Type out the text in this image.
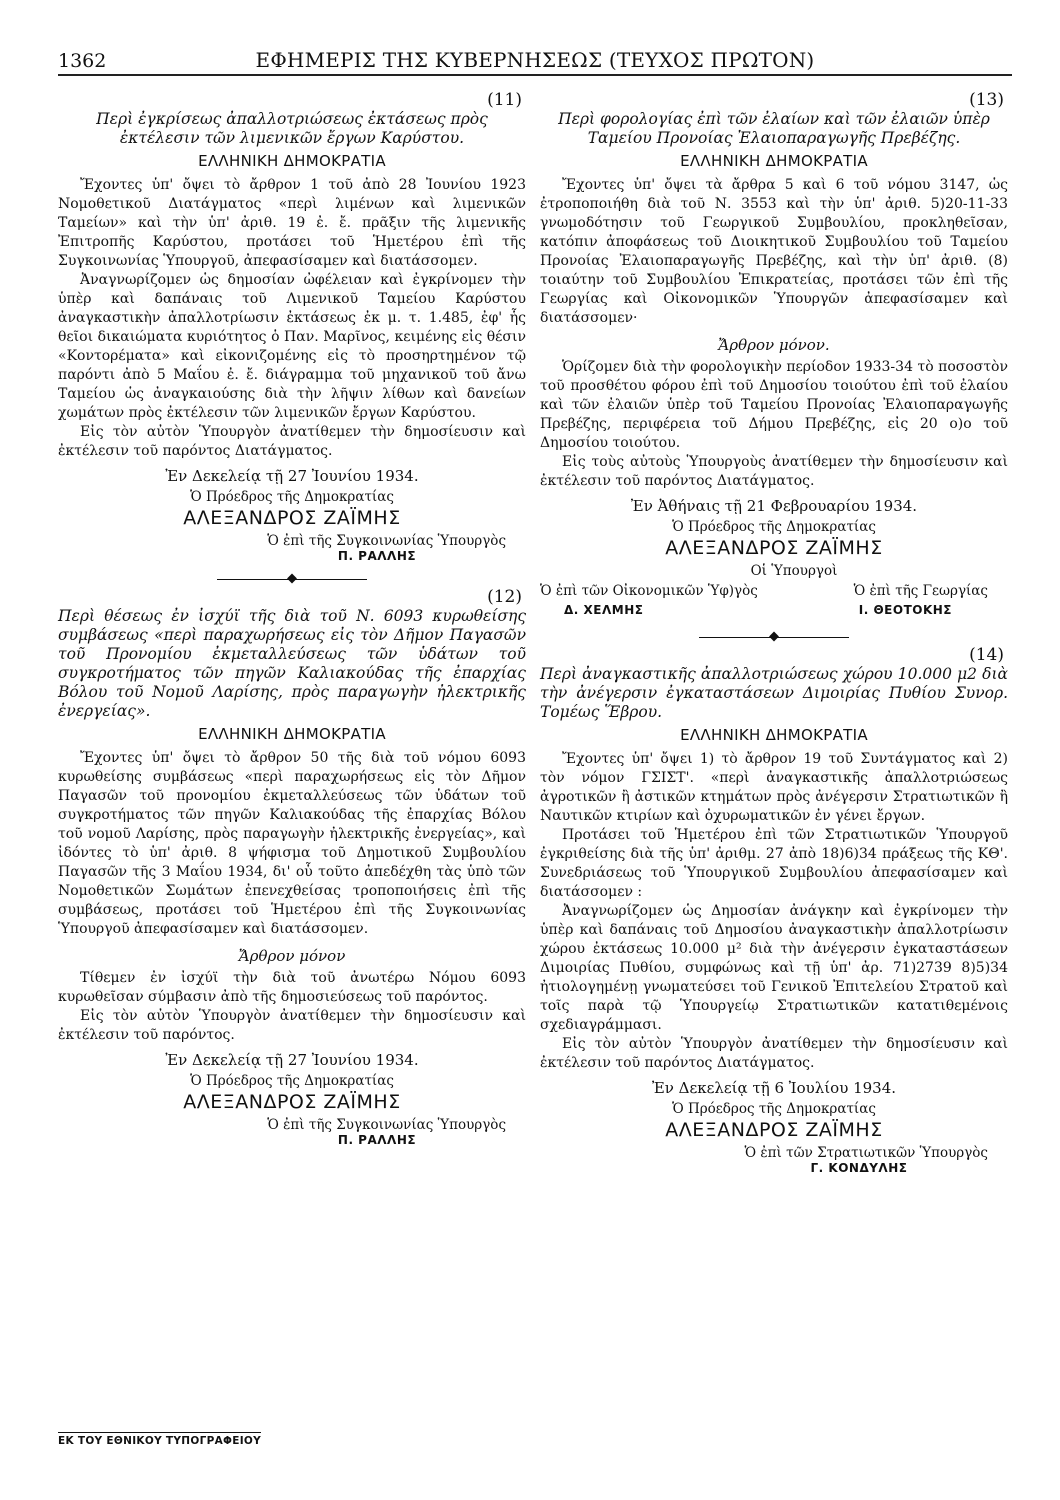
1362	ΕΦΗΜΕΡΙΣ ΤΗΣ ΚΥΒΕΡΝΗΣΕΩΣ (ΤΕΥΧΟΣ ΠΡΩΤΟΝ)
(11)

Περὶ ἐγκρίσεως ἀπαλλοτριώσεως ἐκτάσεως πρὸς ἐκτέλεσιν τῶν λιμενικῶν ἔργων Καρύστου.

ΕΛΛΗΝΙΚΗ ΔΗΜΟΚΡΑΤΙΑ

Ἔχοντες ὑπ' ὄψει τὸ ἄρθρον 1 τοῦ ἀπὸ 28 Ἰουνίου 1923 Νομοθετικοῦ Διατάγματος «περὶ λιμένων καὶ λιμενικῶν Ταμείων» καὶ τὴν ὑπ' ἀριθ. 19 ἐ. ἔ. πρᾶξιν τῆς λιμενικῆς Ἐπιτροπῆς Καρύστου, προτάσει τοῦ Ἡμετέρου ἐπὶ τῆς Συγκοινωνίας Ὑπουργοῦ, ἀπεφασίσαμεν καὶ διατάσσομεν.

Ἀναγνωρίζομεν ὡς δημοσίαν ὠφέλειαν καὶ ἐγκρίνομεν τὴν ὑπὲρ καὶ δαπάναις τοῦ Λιμενικοῦ Ταμείου Καρύστου ἀναγκαστικὴν ἀπαλλοτρίωσιν ἐκτάσεως ἐκ μ. τ. 1.485, ἐφ' ἧς θεῖοι δικαιώματα κυριότητος ὁ Παν. Μαρῖνος, κειμένης εἰς θέσιν «Κοντορέματα» καὶ εἰκονιζομένης εἰς τὸ προσηρτημένον τῷ παρόντι ἀπὸ 5 Μαΐου ἐ. ἔ. διάγραμμα τοῦ μηχανικοῦ τοῦ ἄνω Ταμείου ὡς ἀναγκαιούσης διὰ τὴν λῆψιν λίθων καὶ δανείων χωμάτων πρὸς ἐκτέλεσιν τῶν λιμενικῶν ἔργων Καρύστου.

Εἰς τὸν αὐτὸν Ὑπουργὸν ἀνατίθεμεν τὴν δημοσίευσιν καὶ ἐκτέλεσιν τοῦ παρόντος Διατάγματος.

Ἐν Δεκελείᾳ τῇ 27 Ἰουνίου 1934.
Ὁ Πρόεδρος τῆς Δημοκρατίας
ΑΛΕΞΑΝΔΡΟΣ ΖΑΪΜΗΣ

Ὁ ἐπὶ τῆς Συγκοινωνίας Ὑπουργὸς

Π. ΡΑΛΛΗΣ

(12)

Περὶ θέσεως ἐν ἰσχύϊ τῆς διὰ τοῦ Ν. 6093 κυρωθείσης συμβάσεως «περὶ παραχωρήσεως εἰς τὸν Δῆμον Παγασῶν τοῦ Προνομίου ἐκμεταλλεύσεως τῶν ὑδάτων τοῦ συγκροτήματος τῶν πηγῶν Καλιακούδας τῆς ἐπαρχίας Βόλου τοῦ Νομοῦ Λαρίσης, πρὸς παραγωγὴν ἠλεκτρικῆς ἐνεργείας».

ΕΛΛΗΝΙΚΗ ΔΗΜΟΚΡΑΤΙΑ

Ἔχοντες ὑπ' ὄψει τὸ ἄρθρον 50 τῆς διὰ τοῦ νόμου 6093 κυρωθείσης συμβάσεως «περὶ παραχωρήσεως εἰς τὸν Δῆμον Παγασῶν τοῦ προνομίου ἐκμεταλλεύσεως τῶν ὑδάτων τοῦ συγκροτήματος τῶν πηγῶν Καλιακούδας τῆς ἐπαρχίας Βόλου τοῦ νομοῦ Λαρίσης, πρὸς παραγωγὴν ἠλεκτρικῆς ἐνεργείας», καὶ ἰδόντες τὸ ὑπ' ἀριθ. 8 ψήφισμα τοῦ Δημοτικοῦ Συμβουλίου Παγασῶν τῆς 3 Μαΐου 1934, δι' οὗ τοῦτο ἀπεδέχθη τὰς ὑπὸ τῶν Νομοθετικῶν Σωμάτων ἐπενεχθείσας τροποποιήσεις ἐπὶ τῆς συμβάσεως, προτάσει τοῦ Ἡμετέρου ἐπὶ τῆς Συγκοινωνίας Ὑπουργοῦ ἀπεφασίσαμεν καὶ διατάσσομεν.

Ἄρθρον μόνον

Τίθεμεν ἐν ἰσχύϊ τὴν διὰ τοῦ ἀνωτέρω Νόμου 6093 κυρωθεῖσαν σύμβασιν ἀπὸ τῆς δημοσιεύσεως τοῦ παρόντος.

Εἰς τὸν αὐτὸν Ὑπουργὸν ἀνατίθεμεν τὴν δημοσίευσιν καὶ ἐκτέλεσιν τοῦ παρόντος.

Ἐν Δεκελείᾳ τῇ 27 Ἰουνίου 1934.
Ὁ Πρόεδρος τῆς Δημοκρατίας
ΑΛΕΞΑΝΔΡΟΣ ΖΑΪΜΗΣ

Ὁ ἐπὶ τῆς Συγκοινωνίας Ὑπουργὸς

Π. ΡΑΛΛΗΣ

(13)

Περὶ φορολογίας ἐπὶ τῶν ἐλαίων καὶ τῶν ἐλαιῶν ὑπὲρ Ταμείου Προνοίας Ἐλαιοπαραγωγῆς Πρεβέζης.

ΕΛΛΗΝΙΚΗ ΔΗΜΟΚΡΑΤΙΑ

Ἔχοντες ὑπ' ὄψει τὰ ἄρθρα 5 καὶ 6 τοῦ νόμου 3147, ὡς ἐτροποποιήθη διὰ τοῦ Ν. 3553 καὶ τὴν ὑπ' ἀριθ. 5)20-11-33 γνωμοδότησιν τοῦ Γεωργικοῦ Συμβουλίου, προκληθεῖσαν, κατόπιν ἀποφάσεως τοῦ Διοικητικοῦ Συμβουλίου τοῦ Ταμείου Προνοίας Ἐλαιοπαραγωγῆς Πρεβέζης, καὶ τὴν ὑπ' ἀριθ. (8) τοιαύτην τοῦ Συμβουλίου Ἐπικρατείας, προτάσει τῶν ἐπὶ τῆς Γεωργίας καὶ Οἰκονομικῶν Ὑπουργῶν ἀπεφασίσαμεν καὶ διατάσσομεν·

Ἄρθρον μόνον.

Ὁρίζομεν διὰ τὴν φορολογικὴν περίοδον 1933-34 τὸ ποσοστὸν τοῦ προσθέτου φόρου ἐπὶ τοῦ Δημοσίου τοιούτου ἐπὶ τοῦ ἐλαίου καὶ τῶν ἐλαιῶν ὑπὲρ τοῦ Ταμείου Προνοίας Ἐλαιοπαραγωγῆς Πρεβέζης, περιφέρεια τοῦ Δήμου Πρεβέζης, εἰς 20 ο)ο τοῦ Δημοσίου τοιούτου.

Εἰς τοὺς αὐτοὺς Ὑπουργοὺς ἀνατίθεμεν τὴν δημοσίευσιν καὶ ἐκτέλεσιν τοῦ παρόντος Διατάγματος.

Ἐν Ἀθήναις τῇ 21 Φεβρουαρίου 1934.
Ὁ Πρόεδρος τῆς Δημοκρατίας
ΑΛΕΞΑΝΔΡΟΣ ΖΑΪΜΗΣ

Οἱ Ὑπουργοὶ

Ὁ ἐπὶ τῶν Οἰκονομικῶν Ὑφ)γὸς	Ὁ ἐπὶ τῆς Γεωργίας
Δ. ΧΕΛΜΗΣ	Ι. ΘΕΟΤΟΚΗΣ
(14)

Περὶ ἀναγκαστικῆς ἀπαλλοτριώσεως χώρου 10.000 μ2 διὰ τὴν ἀνέγερσιν ἐγκαταστάσεων Διμοιρίας Πυθίου Συνορ. Τομέως Ἕβρου.

ΕΛΛΗΝΙΚΗ ΔΗΜΟΚΡΑΤΙΑ

Ἔχοντες ὑπ' ὄψει 1) τὸ ἄρθρον 19 τοῦ Συντάγματος καὶ 2) τὸν νόμον ΓΣΙΣΤ'. «περὶ ἀναγκαστικῆς ἀπαλλοτριώσεως ἀγροτικῶν ἢ ἀστικῶν κτημάτων πρὸς ἀνέγερσιν Στρατιωτικῶν ἢ Ναυτικῶν κτιρίων καὶ ὀχυρωματικῶν ἐν γένει ἔργων.

Προτάσει τοῦ Ἡμετέρου ἐπὶ τῶν Στρατιωτικῶν Ὑπουργοῦ ἐγκριθείσης διὰ τῆς ὑπ' ἀριθμ. 27 ἀπὸ 18)6)34 πράξεως τῆς ΚΘ'. Συνεδριάσεως τοῦ Ὑπουργικοῦ Συμβουλίου ἀπεφασίσαμεν καὶ διατάσσομεν :

Ἀναγνωρίζομεν ὡς Δημοσίαν ἀνάγκην καὶ ἐγκρίνομεν τὴν ὑπὲρ καὶ δαπάναις τοῦ Δημοσίου ἀναγκαστικὴν ἀπαλλοτρίωσιν χώρου ἐκτάσεως 10.000 μ² διὰ τὴν ἀνέγερσιν ἐγκαταστάσεων Διμοιρίας Πυθίου, συμφώνως καὶ τῇ ὑπ' ἀρ. 71)2739 8)5)34 ἠτιολογημένῃ γνωματεύσει τοῦ Γενικοῦ Ἐπιτελείου Στρατοῦ καὶ τοῖς παρὰ τῷ Ὑπουργείῳ Στρατιωτικῶν κατατιθεμένοις σχεδιαγράμμασι.

Εἰς τὸν αὐτὸν Ὑπουργὸν ἀνατίθεμεν τὴν δημοσίευσιν καὶ ἐκτέλεσιν τοῦ παρόντος Διατάγματος.

Ἐν Δεκελείᾳ τῇ 6 Ἰουλίου 1934.
Ὁ Πρόεδρος τῆς Δημοκρατίας
ΑΛΕΞΑΝΔΡΟΣ ΖΑΪΜΗΣ

Ὁ ἐπὶ τῶν Στρατιωτικῶν Ὑπουργὸς

Γ. ΚΟΝΔΥΛΗΣ

ΕΚ ΤΟΥ ΕΘΝΙΚΟΥ ΤΥΠΟΓΡΑΦΕΙΟΥ
